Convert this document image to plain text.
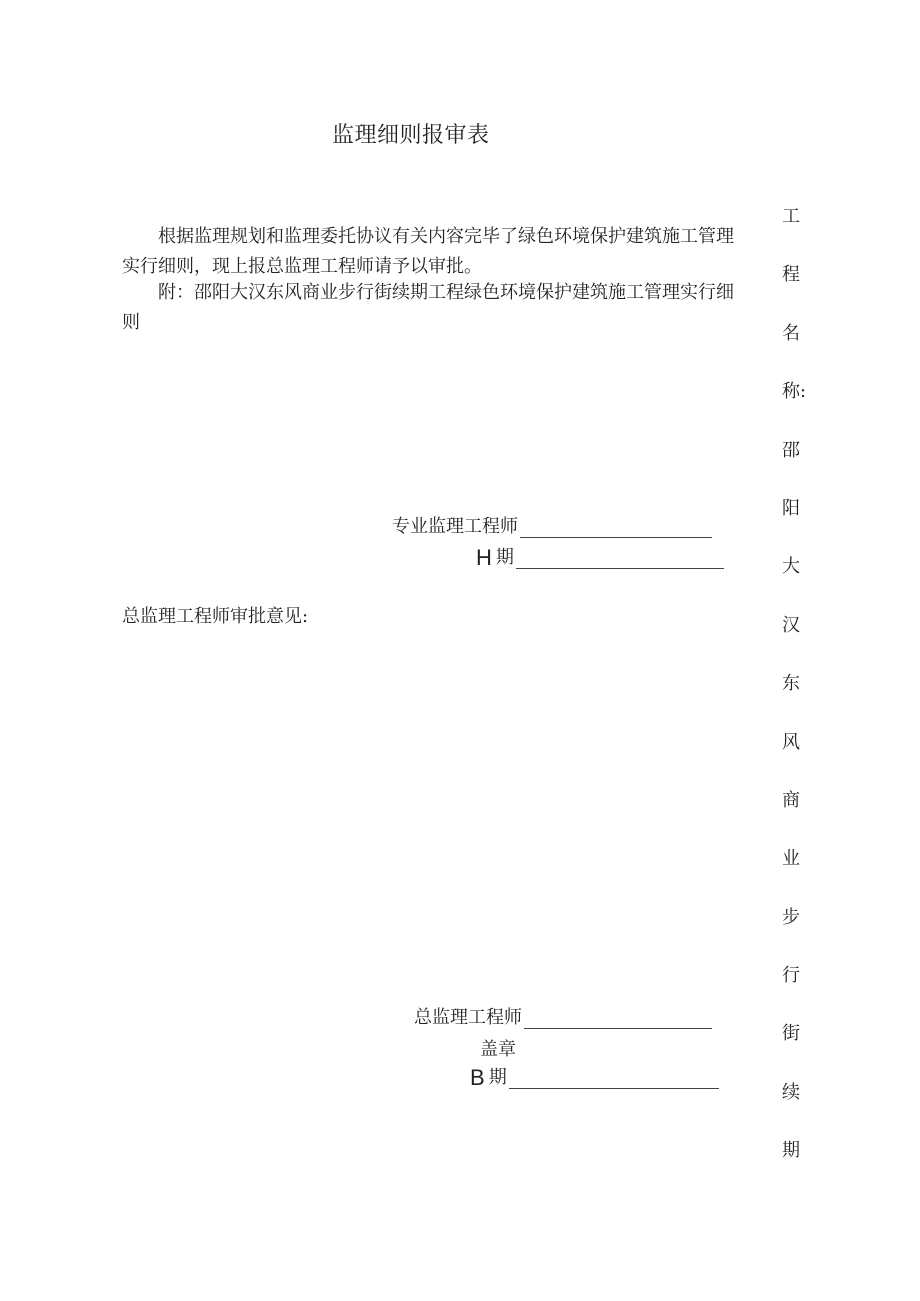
监理细则报审表

根据监理规划和监理委托协议有关内容完毕了绿色环境保护建筑施工管理实行细则，现上报总监理工程师请予以审批。

附：邵阳大汉东风商业步行街续期工程绿色环境保护建筑施工管理实行细则

专业监理工程师
H 期
总监理工程师审批意见:
总监理工程师
盖章
B 期
工
程
名
称:
邵
阳
大
汉
东
风
商
业
步
行
街
续
期
